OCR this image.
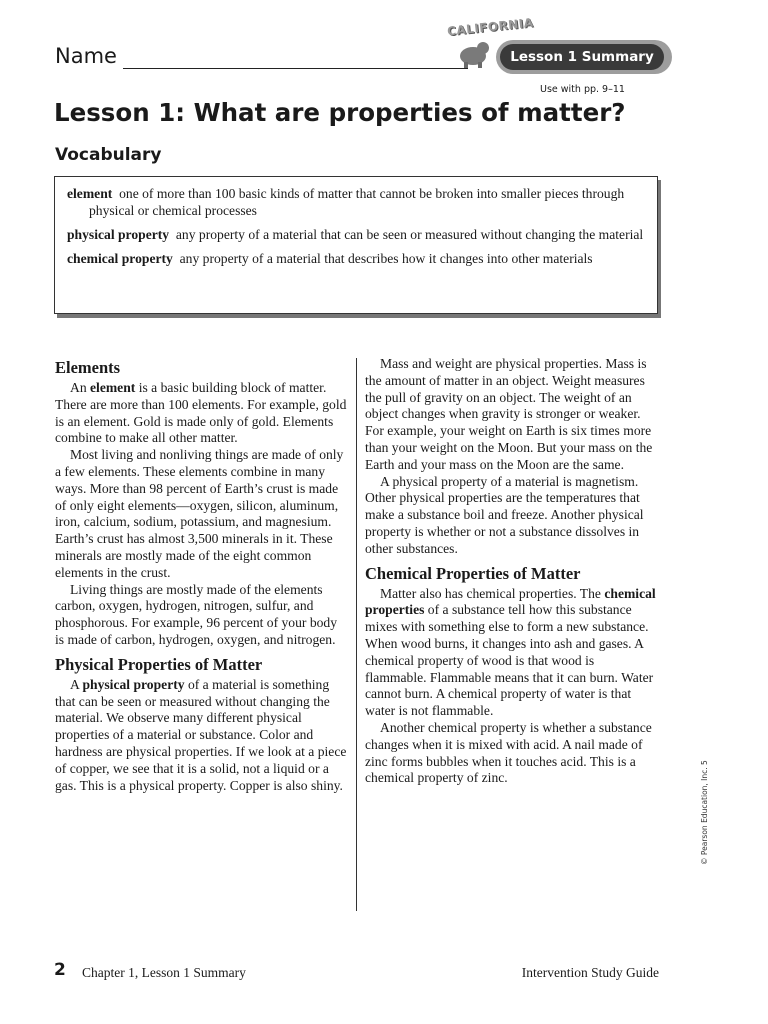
Name
CALIFORNIA
Lesson 1 Summary
Use with pp. 9–11
Lesson 1: What are properties of matter?
Vocabulary
element one of more than 100 basic kinds of matter that cannot be broken into smaller pieces through physical or chemical processes
physical property any property of a material that can be seen or measured without changing the material
chemical property any property of a material that describes how it changes into other materials
Elements

An element is a basic building block of matter. There are more than 100 elements. For example, gold is an element. Gold is made only of gold. Elements combine to make all other matter.

Most living and nonliving things are made of only a few elements. These elements combine in many ways. More than 98 percent of Earth’s crust is made of only eight elements—oxygen, silicon, aluminum, iron, calcium, sodium, potassium, and magnesium. Earth’s crust has almost 3,500 minerals in it. These minerals are mostly made of the eight common elements in the crust.

Living things are mostly made of the elements carbon, oxygen, hydrogen, nitrogen, sulfur, and phosphorous. For example, 96 percent of your body is made of carbon, hydrogen, oxygen, and nitrogen.

Physical Properties of Matter

A physical property of a material is something that can be seen or measured without changing the material. We observe many different physical properties of a material or substance. Color and hardness are physical properties. If we look at a piece of copper, we see that it is a solid, not a liquid or a gas. This is a physical property. Copper is also shiny.

Mass and weight are physical properties. Mass is the amount of matter in an object. Weight measures the pull of gravity on an object. The weight of an object changes when gravity is stronger or weaker. For example, your weight on Earth is six times more than your weight on the Moon. But your mass on the Earth and your mass on the Moon are the same.

A physical property of a material is magnetism. Other physical properties are the temperatures that make a substance boil and freeze. Another physical property is whether or not a substance dissolves in other substances.

Chemical Properties of Matter

Matter also has chemical properties. The chemical properties of a substance tell how this substance mixes with something else to form a new substance. When wood burns, it changes into ash and gases. A chemical property of wood is that wood is flammable. Flammable means that it can burn. Water cannot burn. A chemical property of water is that water is not flammable.

Another chemical property is whether a substance changes when it is mixed with acid. A nail made of zinc forms bubbles when it touches acid. This is a chemical property of zinc.

2 Chapter 1, Lesson 1 Summary	Intervention Study Guide
© Pearson Education, Inc. 5
